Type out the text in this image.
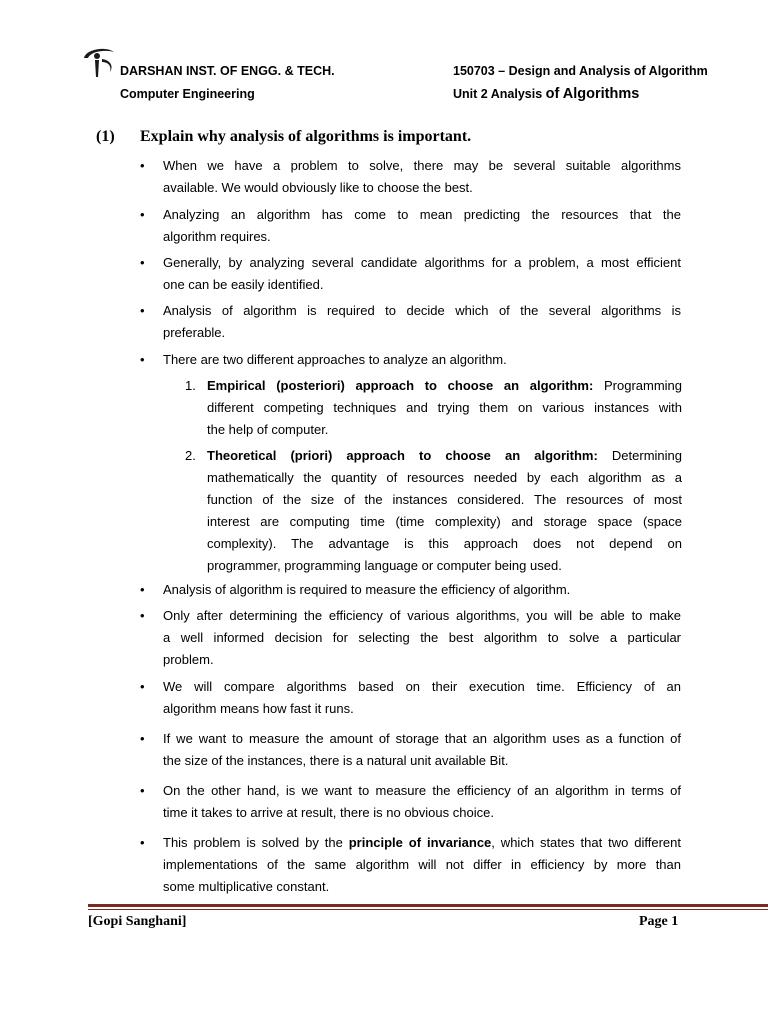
DARSHAN INST. OF ENGG. & TECH.
Computer Engineering
150703 – Design and Analysis of Algorithm
Unit 2 Analysis of Algorithms
(1) Explain why analysis of algorithms is important.
• When we have a problem to solve, there may be several suitable algorithms
available. We would obviously like to choose the best.
• Analyzing an algorithm has come to mean predicting the resources that the
algorithm requires.
• Generally, by analyzing several candidate algorithms for a problem, a most efficient
one can be easily identified.
• Analysis of algorithm is required to decide which of the several algorithms is
preferable.
• There are two different approaches to analyze an algorithm.
1. Empirical (posteriori) approach to choose an algorithm: Programming
different competing techniques and trying them on various instances with
the help of computer.
2. Theoretical (priori) approach to choose an algorithm: Determining
mathematically the quantity of resources needed by each algorithm as a
function of the size of the instances considered. The resources of most
interest are computing time (time complexity) and storage space (space
complexity). The advantage is this approach does not depend on
programmer, programming language or computer being used.
• Analysis of algorithm is required to measure the efficiency of algorithm.
• Only after determining the efficiency of various algorithms, you will be able to make
a well informed decision for selecting the best algorithm to solve a particular
problem.
• We will compare algorithms based on their execution time. Efficiency of an
algorithm means how fast it runs.
• If we want to measure the amount of storage that an algorithm uses as a function of
the size of the instances, there is a natural unit available Bit.
• On the other hand, is we want to measure the efficiency of an algorithm in terms of
time it takes to arrive at result, there is no obvious choice.
• This problem is solved by the principle of invariance, which states that two different
implementations of the same algorithm will not differ in efficiency by more than
some multiplicative constant.
[Gopi Sanghani]	Page 1
